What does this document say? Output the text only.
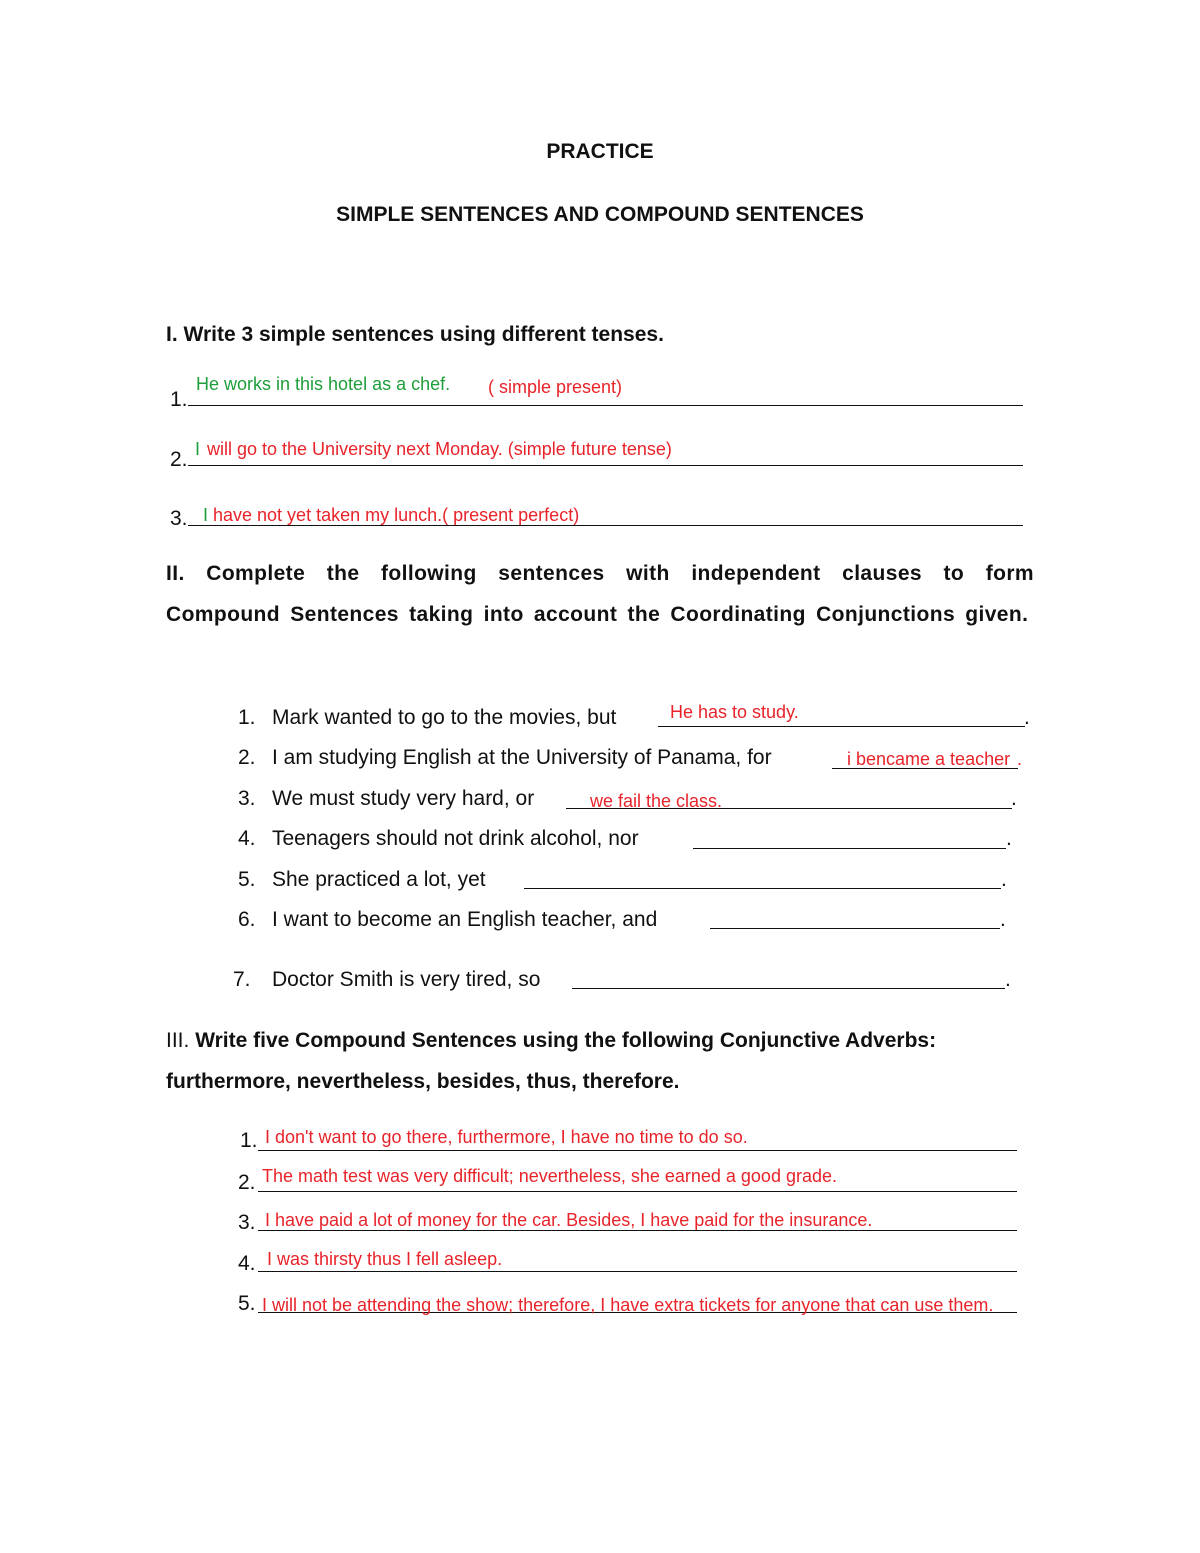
PRACTICE
SIMPLE SENTENCES AND COMPOUND SENTENCES
I. Write 3 simple sentences using different tenses.
1.
He works in this hotel as a chef. ( simple present)
2. I will go to the University next Monday. (simple future tense)
3. I have not yet taken my lunch.( present perfect)
II. Complete the following sentences with independent clauses to form Compound Sentences taking into account the Coordinating Conjunctions given.
1. Mark wanted to go to the movies, but	.
He has to study.
2. I am studying English at the University of Panama, for	.
i bencame a teacher
3. We must study very hard, or	.
we fail the class.
4. Teenagers should not drink alcohol, nor	.
5. She practiced a lot, yet	.
6. I want to become an English teacher, and	.
7. Doctor Smith is very tired, so	.
III. Write five Compound Sentences using the following Conjunctive Adverbs:
furthermore, nevertheless, besides, thus, therefore.
1. I don't want to go there, furthermore, I have no time to do so.
2. The math test was very difficult; nevertheless, she earned a good grade.
3. I have paid a lot of money for the car. Besides, I have paid for the insurance.
4. I was thirsty thus I fell asleep.
5. I will not be attending the show; therefore, I have extra tickets for anyone that can use them.
